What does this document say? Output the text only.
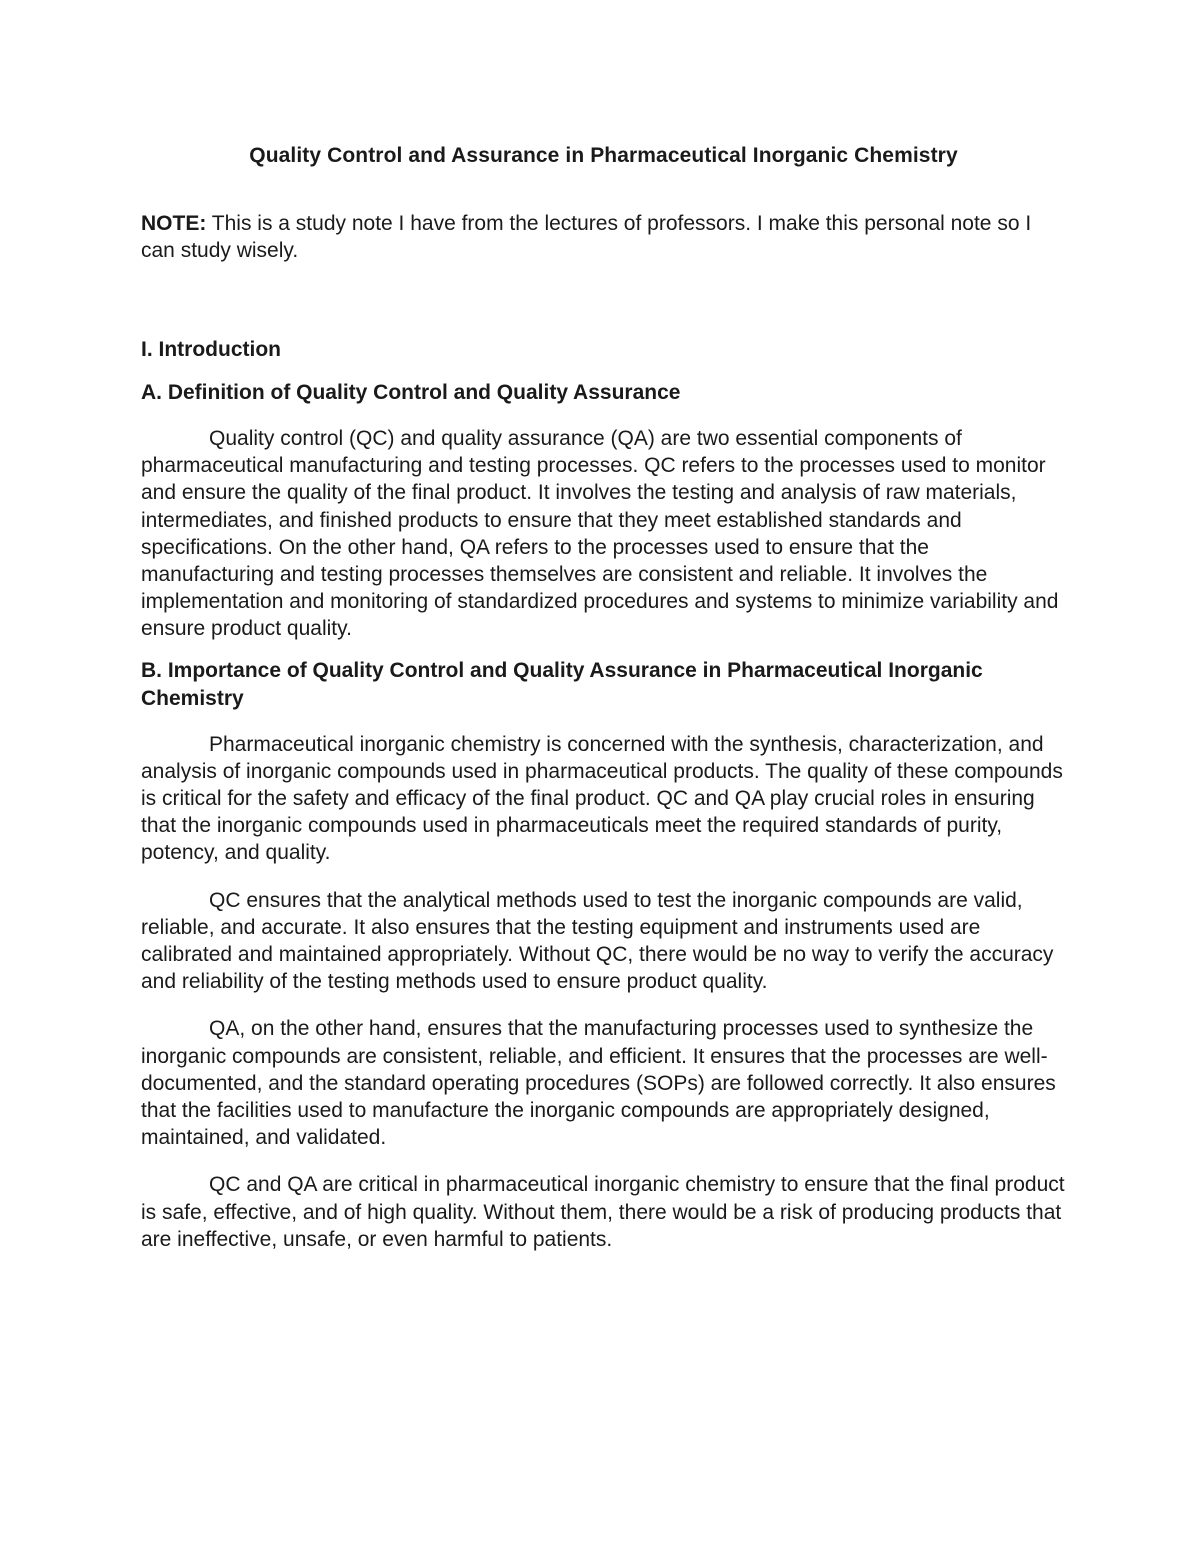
Quality Control and Assurance in Pharmaceutical Inorganic Chemistry

NOTE: This is a study note I have from the lectures of professors. I make this personal note so I can study wisely.

I. Introduction
A. Definition of Quality Control and Quality Assurance

Quality control (QC) and quality assurance (QA) are two essential components of pharmaceutical manufacturing and testing processes. QC refers to the processes used to monitor and ensure the quality of the final product. It involves the testing and analysis of raw materials, intermediates, and finished products to ensure that they meet established standards and specifications. On the other hand, QA refers to the processes used to ensure that the manufacturing and testing processes themselves are consistent and reliable. It involves the implementation and monitoring of standardized procedures and systems to minimize variability and ensure product quality.

B. Importance of Quality Control and Quality Assurance in Pharmaceutical Inorganic Chemistry

Pharmaceutical inorganic chemistry is concerned with the synthesis, characterization, and analysis of inorganic compounds used in pharmaceutical products. The quality of these compounds is critical for the safety and efficacy of the final product. QC and QA play crucial roles in ensuring that the inorganic compounds used in pharmaceuticals meet the required standards of purity, potency, and quality.

QC ensures that the analytical methods used to test the inorganic compounds are valid, reliable, and accurate. It also ensures that the testing equipment and instruments used are calibrated and maintained appropriately. Without QC, there would be no way to verify the accuracy and reliability of the testing methods used to ensure product quality.

QA, on the other hand, ensures that the manufacturing processes used to synthesize the inorganic compounds are consistent, reliable, and efficient. It ensures that the processes are well-documented, and the standard operating procedures (SOPs) are followed correctly. It also ensures that the facilities used to manufacture the inorganic compounds are appropriately designed, maintained, and validated.

QC and QA are critical in pharmaceutical inorganic chemistry to ensure that the final product is safe, effective, and of high quality. Without them, there would be a risk of producing products that are ineffective, unsafe, or even harmful to patients.
